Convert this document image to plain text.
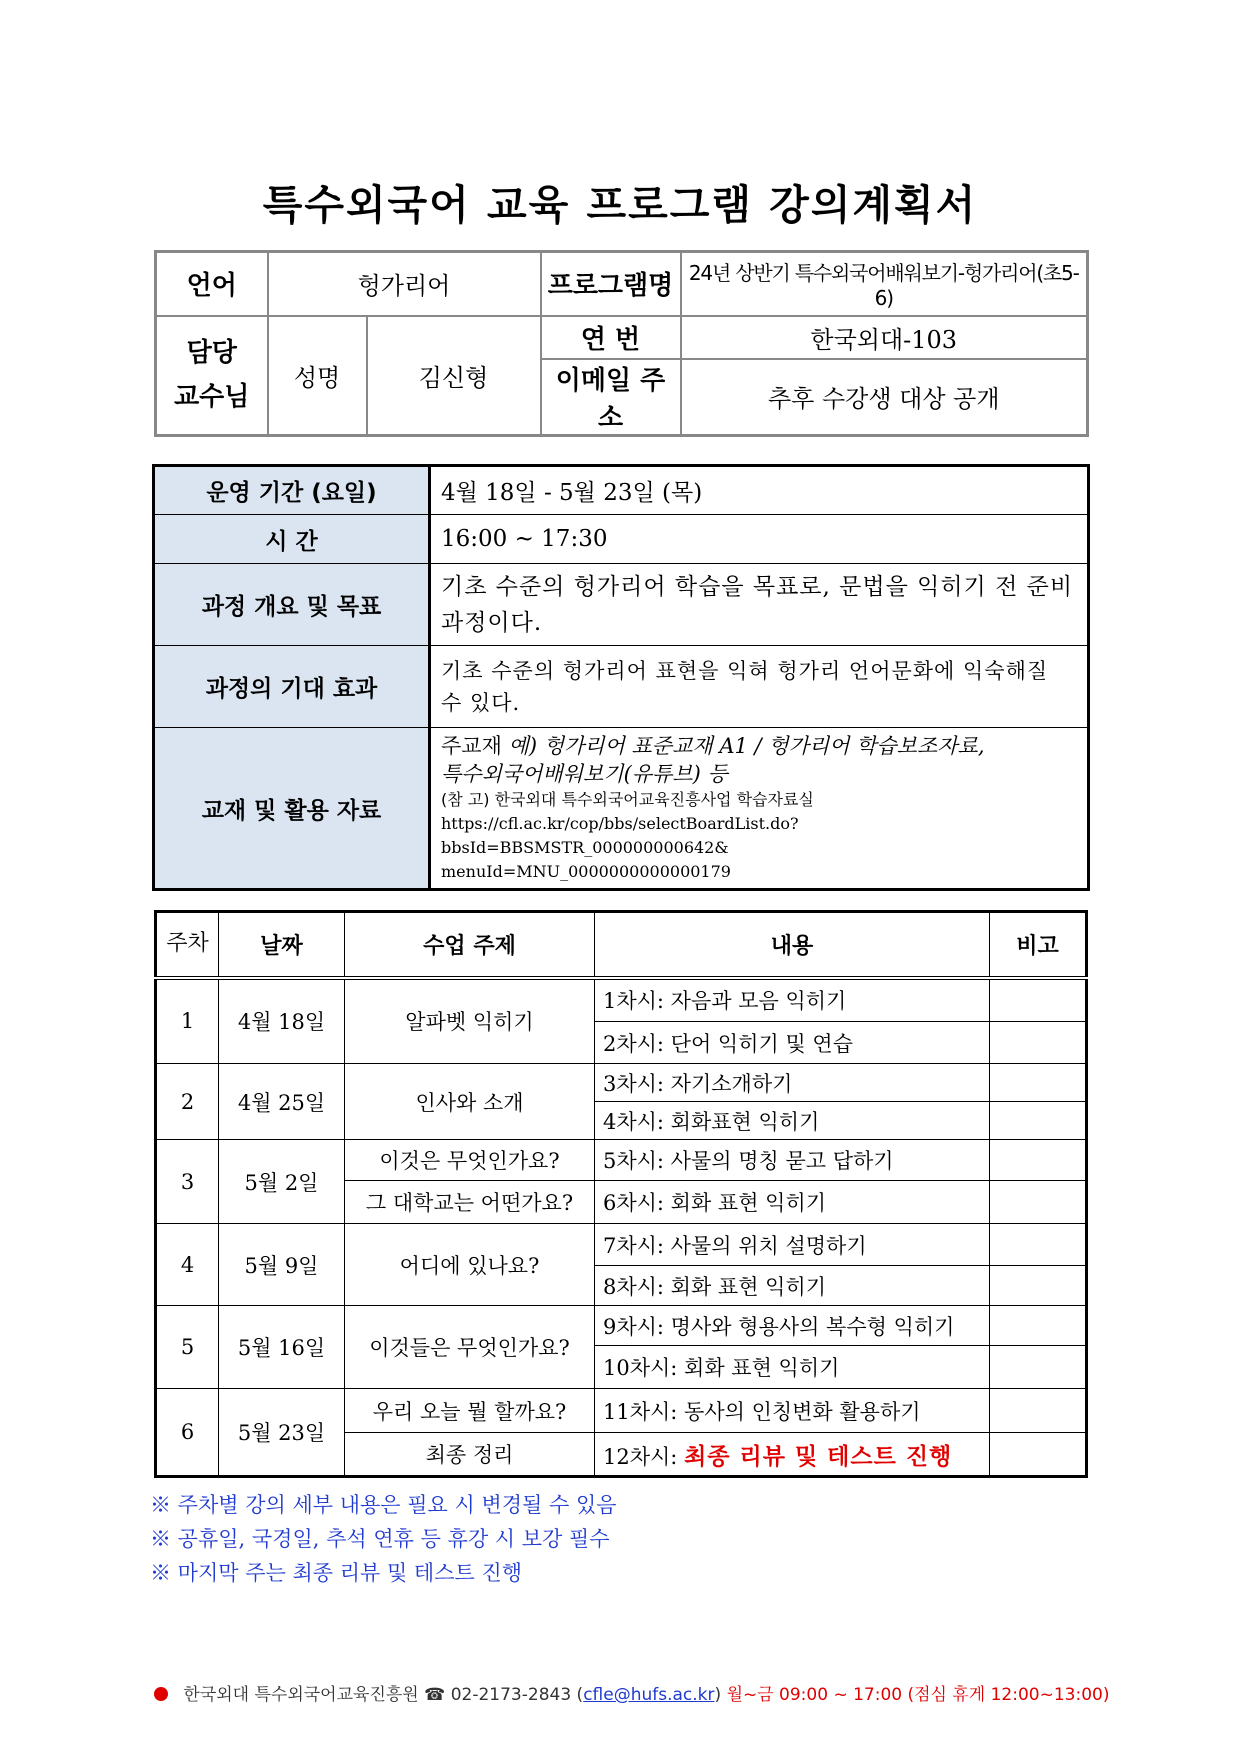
특수외국어 교육 프로그램 강의계획서
언어	헝가리어		프로그램명	24년 상반기 특수외국어배워보기-헝가리어(초5-6)
담당
교수님	성명	김신형	연 번	한국외대-103
			이메일 주소	추후 수강생 대상 공개
운영 기간 (요일)	4월 18일 - 5월 23일 (목)
시 간	16:00 ~ 17:30
과정 개요 및 목표	기초 수준의 헝가리어 학습을 목표로, 문법을 익히기 전 준비과정이다.
과정의 기대 효과	기초 수준의 헝가리어 표현을 익혀 헝가리 언어문화에 익숙해질 수 있다.
교재 및 활용 자료	주교재 예) 헝가리어 표준교재 A1 / 헝가리어 학습보조자료,
특수외국어배워보기(유튜브) 등
(참 고) 한국외대 특수외국어교육진흥사업 학습자료실
https://cfl.ac.kr/cop/bbs/selectBoardList.do?bbsId=BBSMSTR_000000000642&
menuId=MNU_0000000000000179
주차	날짜	수업 주제	내용	비고
1	4월 18일	알파벳 익히기	1차시: 자음과 모음 익히기	
			2차시: 단어 익히기 및 연습	
2	4월 25일	인사와 소개	3차시: 자기소개하기	
			4차시: 회화표현 익히기	
3	5월 2일	이것은 무엇인가요?	5차시: 사물의 명칭 묻고 답하기	
		그 대학교는 어떤가요?	6차시: 회화 표현 익히기	
4	5월 9일	어디에 있나요?	7차시: 사물의 위치 설명하기	
			8차시: 회화 표현 익히기	
5	5월 16일	이것들은 무엇인가요?	9차시: 명사와 형용사의 복수형 익히기	
			10차시: 회화 표현 익히기	
6	5월 23일	우리 오늘 뭘 할까요?	11차시: 동사의 인칭변화 활용하기	
		최종 정리	12차시: 최종 리뷰 및 테스트 진행	
※ 주차별 강의 세부 내용은 필요 시 변경될 수 있음
※ 공휴일, 국경일, 추석 연휴 등 휴강 시 보강 필수
※ 마지막 주는 최종 리뷰 및 테스트 진행
한국외대 특수외국어교육진흥원 ☎ 02-2173-2843 (cfle@hufs.ac.kr) 월~금 09:00 ~ 17:00 (점심 휴게 12:00~13:00)
